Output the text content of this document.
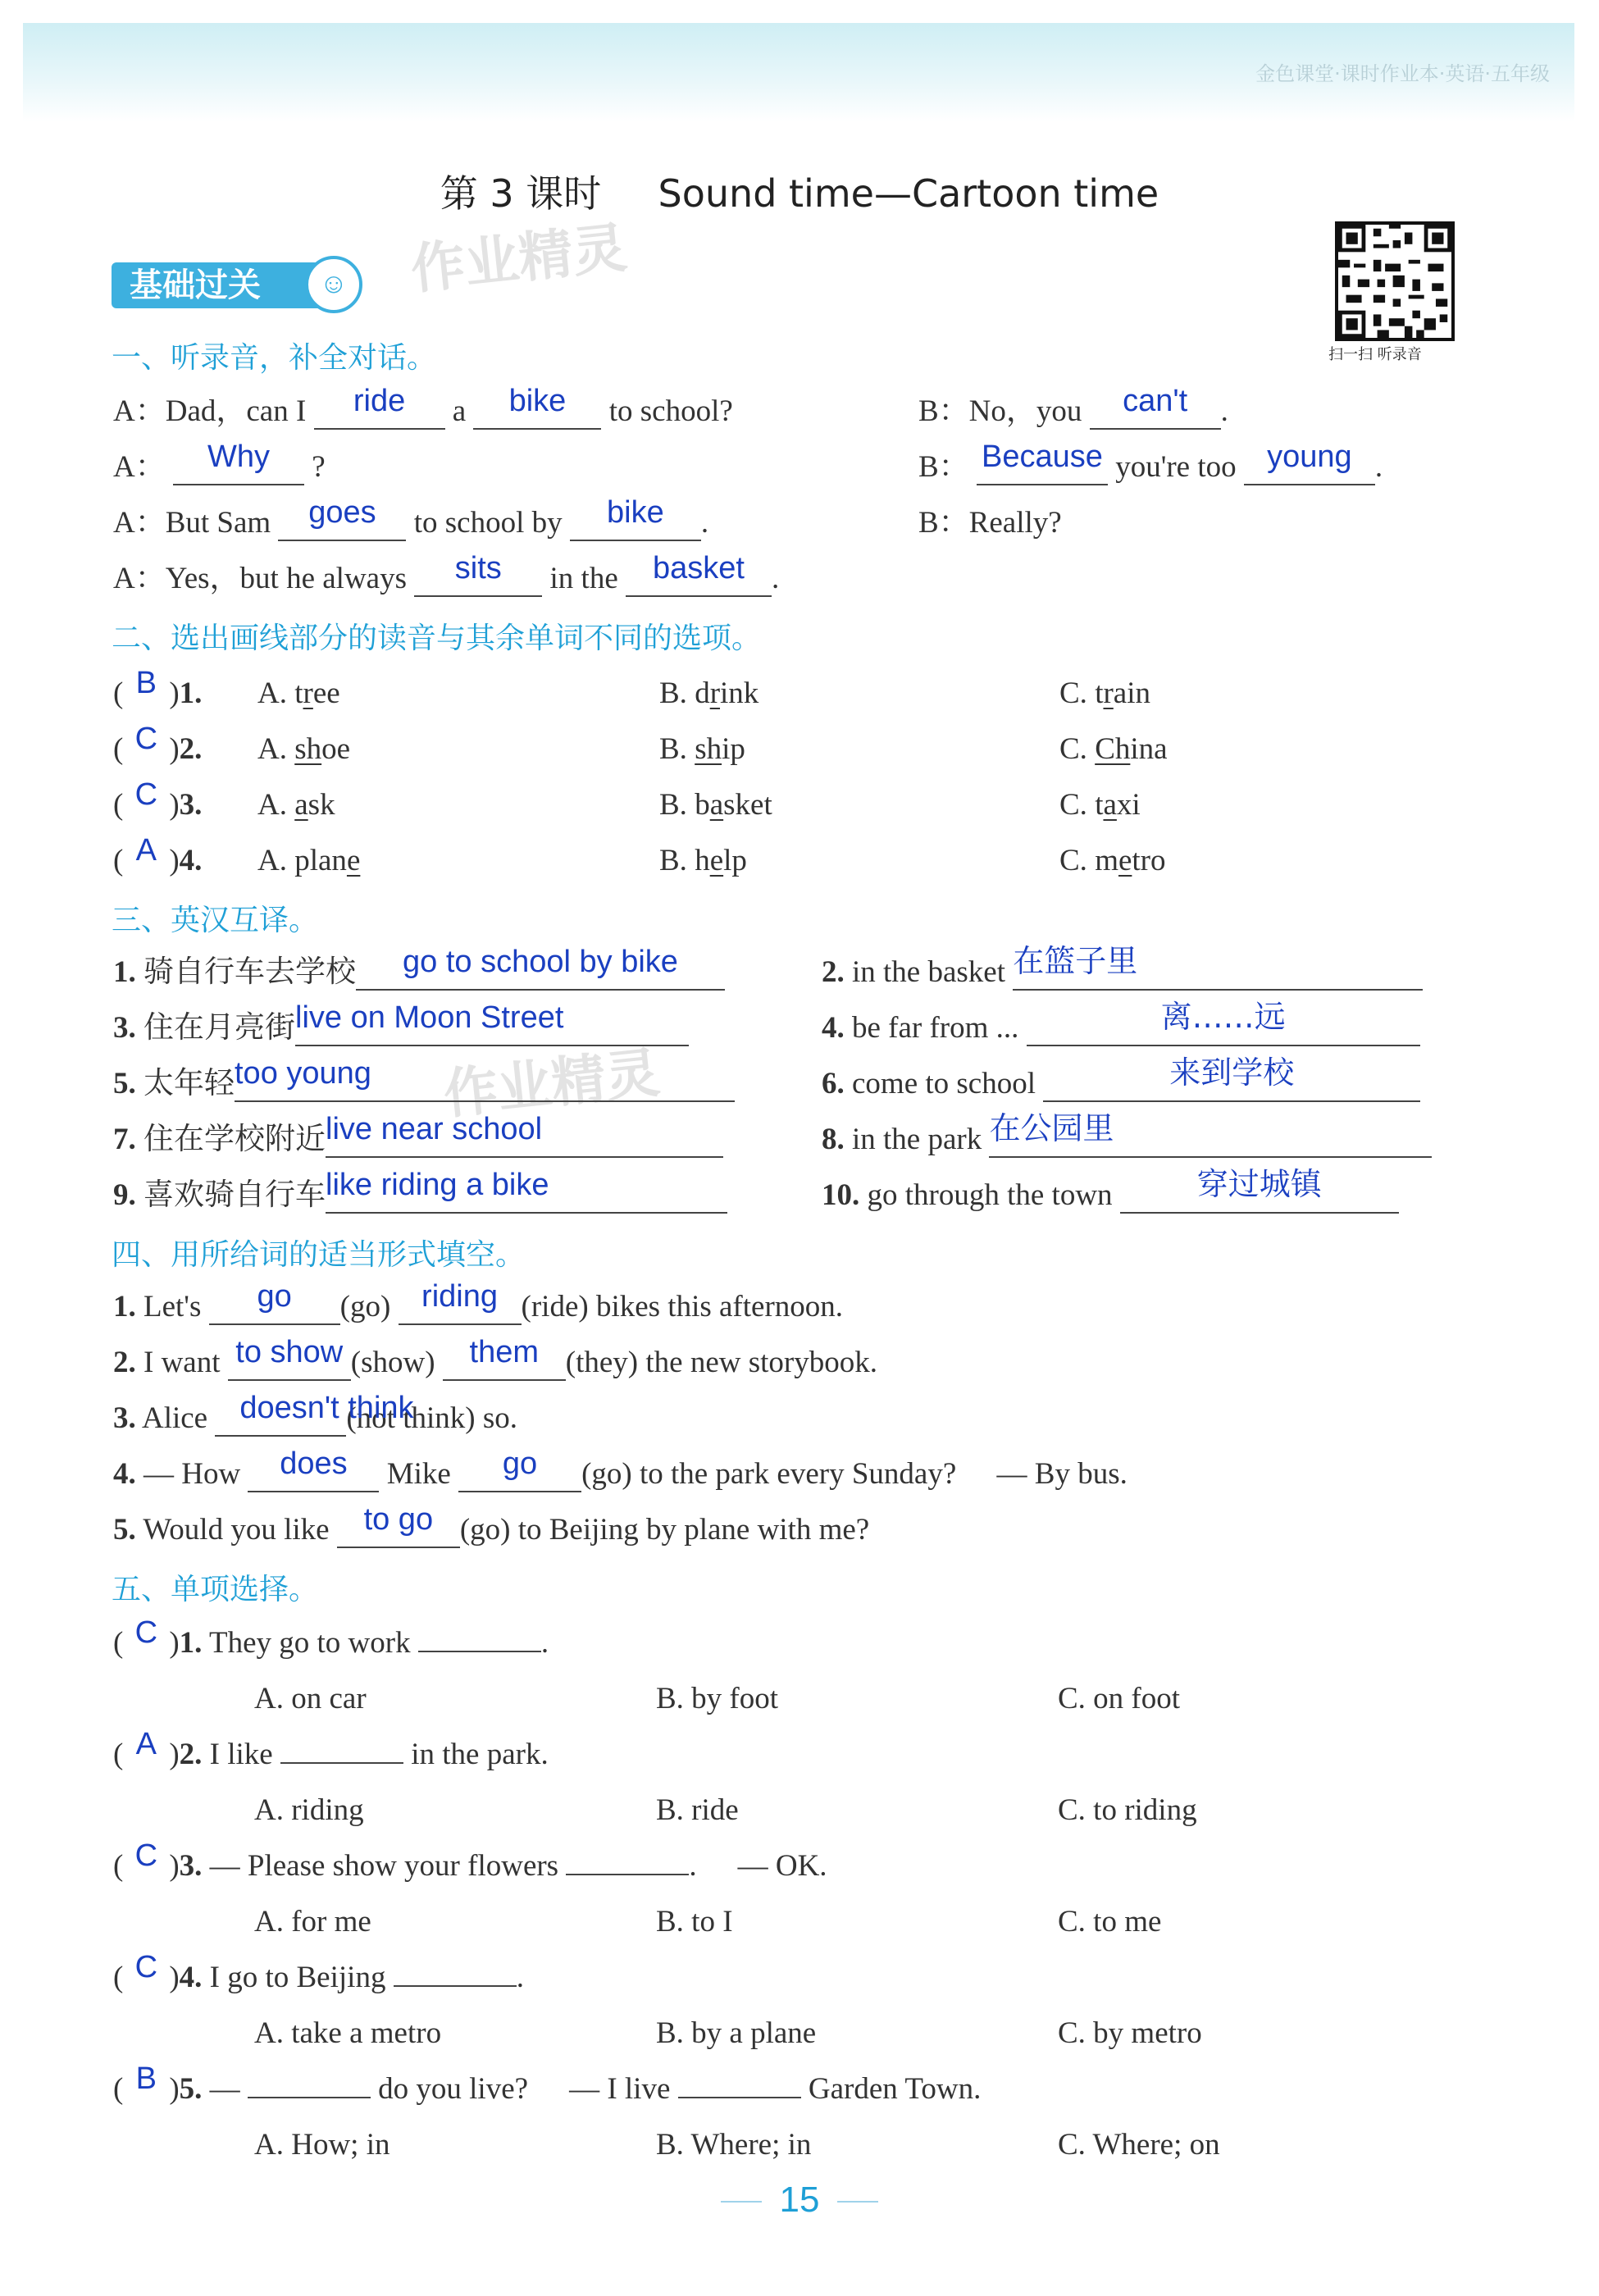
金色课堂·课时作业本·英语·五年级
作业精灵
作业精灵
第 3 课时 Sound time—Cartoon time
扫一扫 听录音
基础过关	☺
一、听录音，补全对话。
A：Dad，can I ride a bike to school?	B：No，you can't .
A： Why ?	B： Because you're too young .
A：But Sam goes to school by bike .	B：Really?
A：Yes，but he always sits in the basket .
二、选出画线部分的读音与其余单词不同的选项。
( B )1. A. tree	B. drink	C. train
( C )2. A. shoe	B. ship	C. China
( C )3. A. ask	B. basket	C. taxi
( A )4. A. plane	B. help	C. metro
三、英汉互译。
1. 骑自行车去学校 go to school by bike	2. in the basket 在篮子里
3. 住在月亮街live on Moon Street	4. be far from ...	离……远
5. 太年轻too young	6. come to school	来到学校
7. 住在学校附近live near school	8. in the park 在公园里
9. 喜欢骑自行车like riding a bike	10. go through the town	穿过城镇
四、用所给词的适当形式填空。
1. Let's go (go) riding (ride) bikes this afternoon.
2. I want to show (show) them (they) the new storybook.
3. Alice doesn't think(not think) so.
4. — How does Mike go (go) to the park every Sunday? — By bus.
5. Would you like to go (go) to Beijing by plane with me?
五、单项选择。
( C )1. They go to work	.
A. on car	B. by foot	C. on foot
( A )2. I like	in the park.
A. riding	B. ride	C. to riding
( C )3. — Please show your flowers	. — OK.
A. for me	B. to I	C. to me
( C )4. I go to Beijing	.
A. take a metro	B. by a plane	C. by metro
( B )5. —	do you live? — I live	Garden Town.
A. How; in	B. Where; in	C. Where; on
15
